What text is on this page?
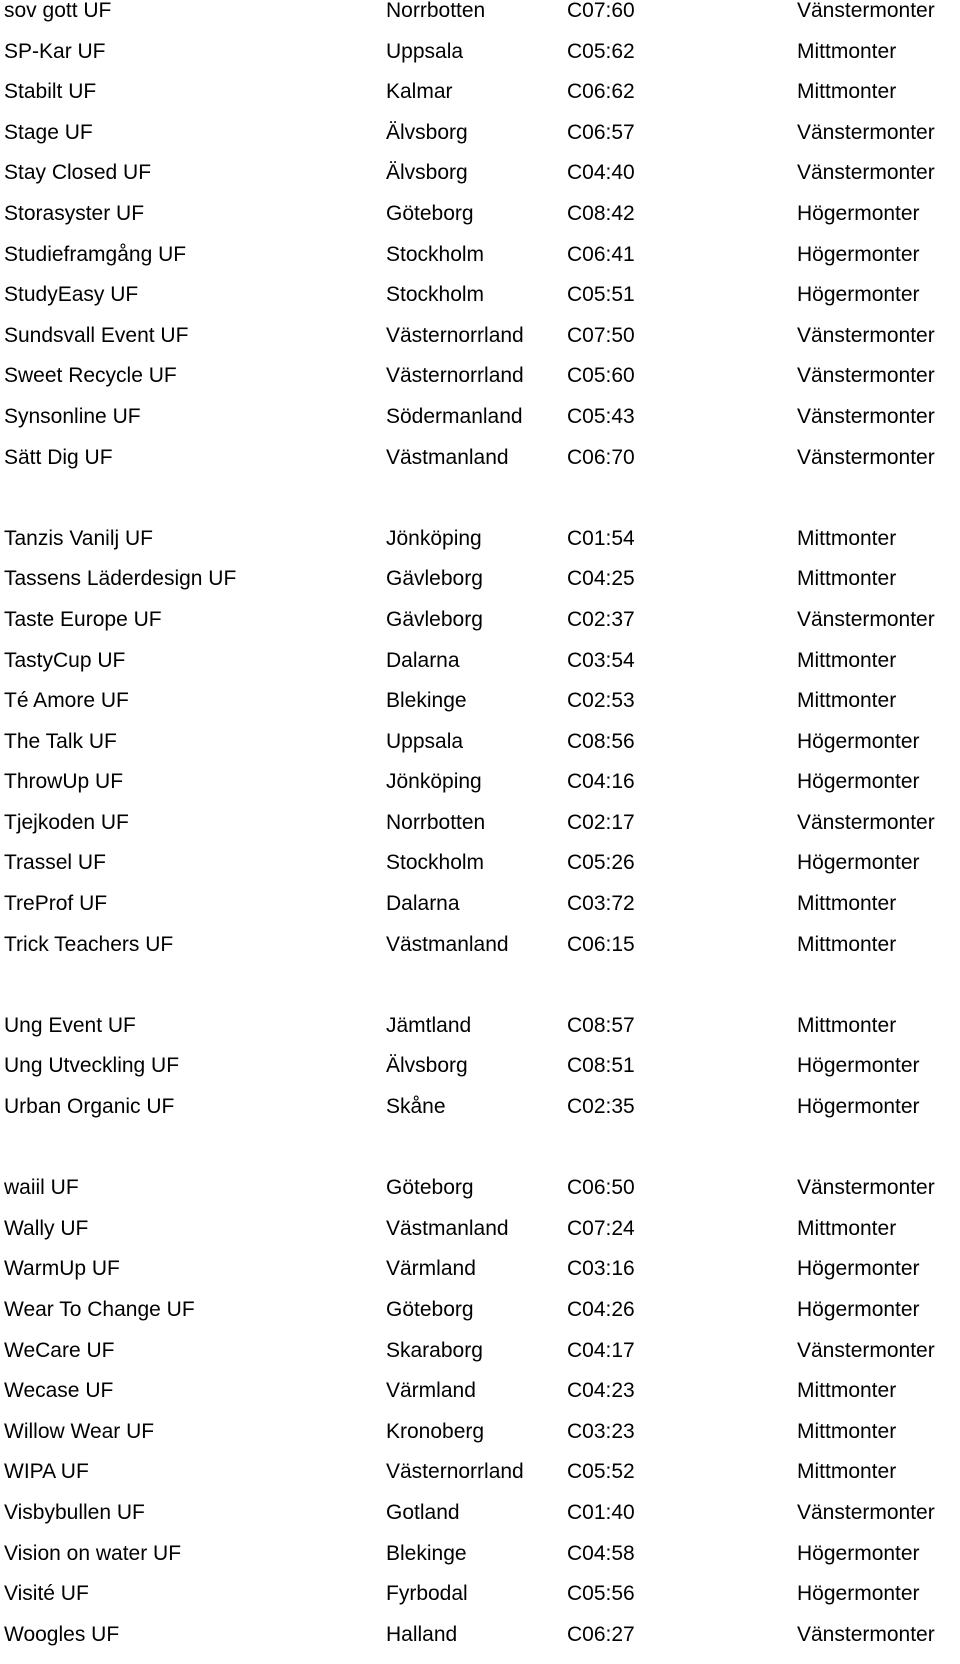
sov gott UF	Norrbotten	C07:60	Vänstermonter
SP-Kar UF	Uppsala	C05:62	Mittmonter
Stabilt UF	Kalmar	C06:62	Mittmonter
Stage UF	Älvsborg	C06:57	Vänstermonter
Stay Closed UF	Älvsborg	C04:40	Vänstermonter
Storasyster UF	Göteborg	C08:42	Högermonter
Studieframgång UF	Stockholm	C06:41	Högermonter
StudyEasy UF	Stockholm	C05:51	Högermonter
Sundsvall Event UF	Västernorrland C07:50	Vänstermonter
Sweet Recycle UF	Västernorrland C05:60	Vänstermonter
Synsonline UF	Södermanland C05:43	Vänstermonter
Sätt Dig UF	Västmanland	C06:70	Vänstermonter
Tanzis Vanilj UF	Jönköping	C01:54	Mittmonter
Tassens Läderdesign UF	Gävleborg	C04:25	Mittmonter
Taste Europe UF	Gävleborg	C02:37	Vänstermonter
TastyCup UF	Dalarna	C03:54	Mittmonter
Té Amore UF	Blekinge	C02:53	Mittmonter
The Talk UF	Uppsala	C08:56	Högermonter
ThrowUp UF	Jönköping	C04:16	Högermonter
Tjejkoden UF	Norrbotten	C02:17	Vänstermonter
Trassel UF	Stockholm	C05:26	Högermonter
TreProf UF	Dalarna	C03:72	Mittmonter
Trick Teachers UF	Västmanland	C06:15	Mittmonter
Ung Event UF	Jämtland	C08:57	Mittmonter
Ung Utveckling UF	Älvsborg	C08:51	Högermonter
Urban Organic UF	Skåne	C02:35	Högermonter
waiil UF	Göteborg	C06:50	Vänstermonter
Wally UF	Västmanland	C07:24	Mittmonter
WarmUp UF	Värmland	C03:16	Högermonter
Wear To Change UF	Göteborg	C04:26	Högermonter
WeCare UF	Skaraborg	C04:17	Vänstermonter
Wecase UF	Värmland	C04:23	Mittmonter
Willow Wear UF	Kronoberg	C03:23	Mittmonter
WIPA UF	Västernorrland C05:52	Mittmonter
Visbybullen UF	Gotland	C01:40	Vänstermonter
Vision on water UF	Blekinge	C04:58	Högermonter
Visité UF	Fyrbodal	C05:56	Högermonter
Woogles UF	Halland	C06:27	Vänstermonter
